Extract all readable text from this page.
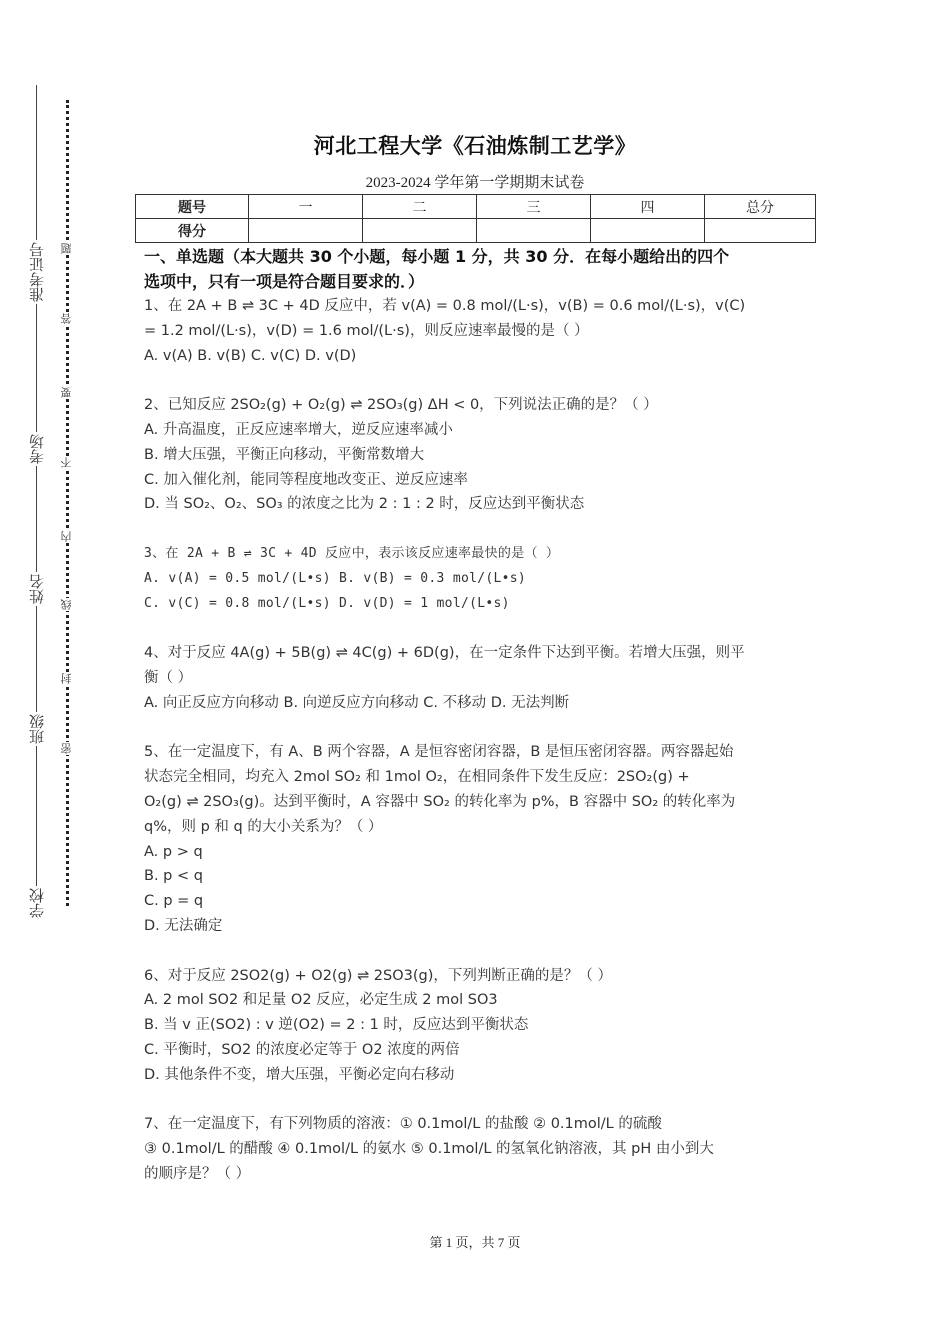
准考证号
考场
姓名
班级
学校
题
答
要
不
内
线
封
密
河北工程大学《石油炼制工艺学》
2023-2024 学年第一学期期末试卷
题号	一	二	三	四	总分
得分					

一、单选题（本大题共 30 个小题，每小题 1 分，共 30 分．在每小题给出的四个

选项中，只有一项是符合题目要求的．）

1、在 2A + B ⇌ 3C + 4D 反应中，若 v(A) = 0.8 mol/(L·s)，v(B) = 0.6 mol/(L·s)，v(C)

= 1.2 mol/(L·s)，v(D) = 1.6 mol/(L·s)，则反应速率最慢的是（ ）

A. v(A) B. v(B) C. v(C) D. v(D)

2、已知反应 2SO₂(g) + O₂(g) ⇌ 2SO₃(g) ΔH < 0，下列说法正确的是？（ ）

A. 升高温度，正反应速率增大，逆反应速率减小

B. 增大压强，平衡正向移动，平衡常数增大

C. 加入催化剂，能同等程度地改变正、逆反应速率

D. 当 SO₂、O₂、SO₃ 的浓度之比为 2 : 1 : 2 时，反应达到平衡状态

3、在 2A + B ⇌ 3C + 4D 反应中，表示该反应速率最快的是（ ）

A. v(A) = 0.5 mol/(L•s) B. v(B) = 0.3 mol/(L•s)

C. v(C) = 0.8 mol/(L•s) D. v(D) = 1 mol/(L•s)

4、对于反应 4A(g) + 5B(g) ⇌ 4C(g) + 6D(g)，在一定条件下达到平衡。若增大压强，则平

衡（ ）

A. 向正反应方向移动 B. 向逆反应方向移动 C. 不移动 D. 无法判断

5、在一定温度下，有 A、B 两个容器，A 是恒容密闭容器，B 是恒压密闭容器。两容器起始

状态完全相同，均充入 2mol SO₂ 和 1mol O₂，在相同条件下发生反应：2SO₂(g) +

O₂(g) ⇌ 2SO₃(g)。达到平衡时，A 容器中 SO₂ 的转化率为 p%，B 容器中 SO₂ 的转化率为

q%，则 p 和 q 的大小关系为？（ ）

A. p > q

B. p < q

C. p = q

D. 无法确定

6、对于反应 2SO2(g) + O2(g) ⇌ 2SO3(g)，下列判断正确的是？（ ）

A. 2 mol SO2 和足量 O2 反应，必定生成 2 mol SO3

B. 当 v 正(SO2) : v 逆(O2) = 2 : 1 时，反应达到平衡状态

C. 平衡时，SO2 的浓度必定等于 O2 浓度的两倍

D. 其他条件不变，增大压强，平衡必定向右移动

7、在一定温度下，有下列物质的溶液：① 0.1mol/L 的盐酸 ② 0.1mol/L 的硫酸

③ 0.1mol/L 的醋酸 ④ 0.1mol/L 的氨水 ⑤ 0.1mol/L 的氢氧化钠溶液，其 pH 由小到大

的顺序是？（ ）

第 1 页，共 7 页
